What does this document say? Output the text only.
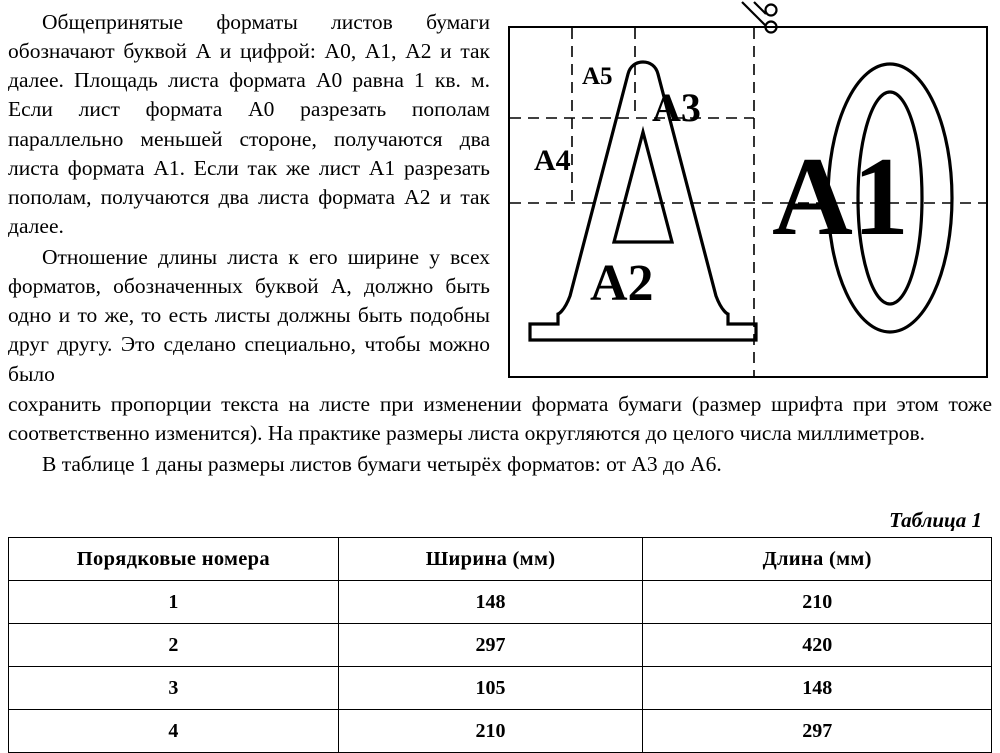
Общепринятые форматы листов бумаги обозначают буквой А и цифрой: А0, А1, А2 и так далее. Площадь листа формата А0 равна 1 кв. м. Если лист формата А0 разрезать пополам параллельно меньшей стороне, получаются два листа формата А1. Если так же лист А1 разрезать пополам, получаются два листа формата А2 и так далее.

Отношение длины листа к его ширине у всех форматов, обозначенных буквой А, должно быть одно и то же, то есть листы должны быть подобны друг другу. Это сделано специально, чтобы можно было

А5
А4
А3
А2
А1

сохранить пропорции текста на листе при изменении формата бумаги (размер шрифта при этом тоже соответственно изменится). На практике размеры листа округляются до целого числа миллиметров.

В таблице 1 даны размеры листов бумаги четырёх форматов: от А3 до А6.

Таблица 1
Порядковые номера	Ширина (мм)	Длина (мм)
1	148	210
2	297	420
3	105	148
4	210	297
